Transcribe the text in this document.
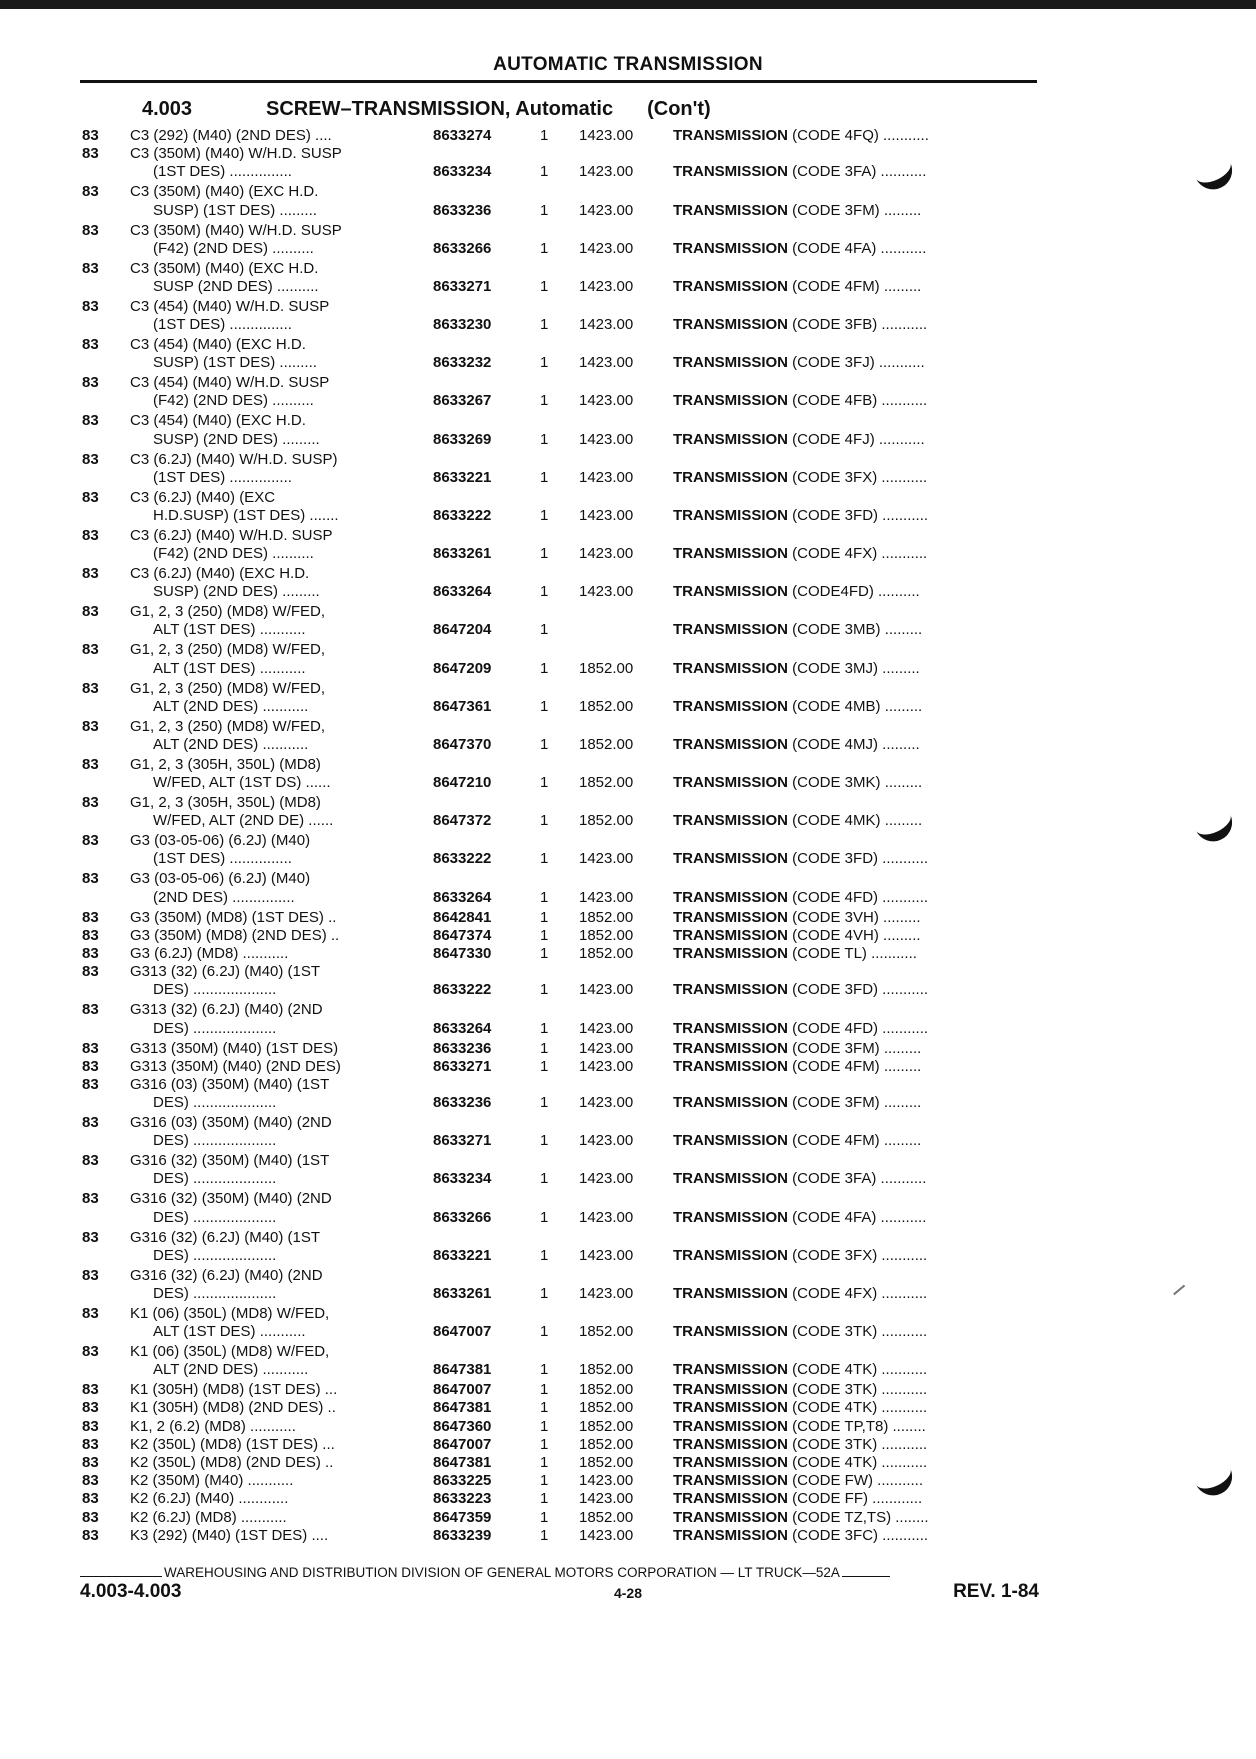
AUTOMATIC TRANSMISSION
4.003	SCREW–TRANSMISSION, Automatic (Con't)
83 C3 (292) (M40) (2ND DES) ....	8633274	1 1423.00	TRANSMISSION (CODE 4FQ) ...........
83 C3 (350M) (M40) W/H.D. SUSP
(1ST DES) ...............	8633234	1 1423.00	TRANSMISSION (CODE 3FA) ...........
83 C3 (350M) (M40) (EXC H.D.
SUSP) (1ST DES) .........	8633236	1 1423.00	TRANSMISSION (CODE 3FM) .........
83 C3 (350M) (M40) W/H.D. SUSP
(F42) (2ND DES) ..........	8633266	1 1423.00	TRANSMISSION (CODE 4FA) ...........
83 C3 (350M) (M40) (EXC H.D.
SUSP (2ND DES) ..........	8633271	1 1423.00	TRANSMISSION (CODE 4FM) .........
83 C3 (454) (M40) W/H.D. SUSP
(1ST DES) ...............	8633230	1 1423.00	TRANSMISSION (CODE 3FB) ...........
83 C3 (454) (M40) (EXC H.D.
SUSP) (1ST DES) .........	8633232	1 1423.00	TRANSMISSION (CODE 3FJ) ...........
83 C3 (454) (M40) W/H.D. SUSP
(F42) (2ND DES) ..........	8633267	1 1423.00	TRANSMISSION (CODE 4FB) ...........
83 C3 (454) (M40) (EXC H.D.
SUSP) (2ND DES) .........	8633269	1 1423.00	TRANSMISSION (CODE 4FJ) ...........
83 C3 (6.2J) (M40) W/H.D. SUSP)
(1ST DES) ...............	8633221	1 1423.00	TRANSMISSION (CODE 3FX) ...........
83 C3 (6.2J) (M40) (EXC
H.D.SUSP) (1ST DES) .......	8633222	1 1423.00	TRANSMISSION (CODE 3FD) ...........
83 C3 (6.2J) (M40) W/H.D. SUSP
(F42) (2ND DES) ..........	8633261	1 1423.00	TRANSMISSION (CODE 4FX) ...........
83 C3 (6.2J) (M40) (EXC H.D.
SUSP) (2ND DES) .........	8633264	1 1423.00	TRANSMISSION (CODE4FD) ..........
83 G1, 2, 3 (250) (MD8) W/FED,
ALT (1ST DES) ...........	8647204	1	TRANSMISSION (CODE 3MB) .........
83 G1, 2, 3 (250) (MD8) W/FED,
ALT (1ST DES) ...........	8647209	1 1852.00	TRANSMISSION (CODE 3MJ) .........
83 G1, 2, 3 (250) (MD8) W/FED,
ALT (2ND DES) ...........	8647361	1 1852.00	TRANSMISSION (CODE 4MB) .........
83 G1, 2, 3 (250) (MD8) W/FED,
ALT (2ND DES) ...........	8647370	1 1852.00	TRANSMISSION (CODE 4MJ) .........
83 G1, 2, 3 (305H, 350L) (MD8)
W/FED, ALT (1ST DS) ......	8647210	1 1852.00	TRANSMISSION (CODE 3MK) .........
83 G1, 2, 3 (305H, 350L) (MD8)
W/FED, ALT (2ND DE) ......	8647372	1 1852.00	TRANSMISSION (CODE 4MK) .........
83 G3 (03-05-06) (6.2J) (M40)
(1ST DES) ...............	8633222	1 1423.00	TRANSMISSION (CODE 3FD) ...........
83 G3 (03-05-06) (6.2J) (M40)
(2ND DES) ...............	8633264	1 1423.00	TRANSMISSION (CODE 4FD) ...........
83 G3 (350M) (MD8) (1ST DES) ..	8642841	1 1852.00	TRANSMISSION (CODE 3VH) .........
83 G3 (350M) (MD8) (2ND DES) ..	8647374	1 1852.00	TRANSMISSION (CODE 4VH) .........
83 G3 (6.2J) (MD8) ...........	8647330	1 1852.00	TRANSMISSION (CODE TL) ...........
83 G313 (32) (6.2J) (M40) (1ST
DES) ....................	8633222	1 1423.00	TRANSMISSION (CODE 3FD) ...........
83 G313 (32) (6.2J) (M40) (2ND
DES) ....................	8633264	1 1423.00	TRANSMISSION (CODE 4FD) ...........
83 G313 (350M) (M40) (1ST DES)	8633236	1 1423.00	TRANSMISSION (CODE 3FM) .........
83 G313 (350M) (M40) (2ND DES)	8633271	1 1423.00	TRANSMISSION (CODE 4FM) .........
83 G316 (03) (350M) (M40) (1ST
DES) ....................	8633236	1 1423.00	TRANSMISSION (CODE 3FM) .........
83 G316 (03) (350M) (M40) (2ND
DES) ....................	8633271	1 1423.00	TRANSMISSION (CODE 4FM) .........
83 G316 (32) (350M) (M40) (1ST
DES) ....................	8633234	1 1423.00	TRANSMISSION (CODE 3FA) ...........
83 G316 (32) (350M) (M40) (2ND
DES) ....................	8633266	1 1423.00	TRANSMISSION (CODE 4FA) ...........
83 G316 (32) (6.2J) (M40) (1ST
DES) ....................	8633221	1 1423.00	TRANSMISSION (CODE 3FX) ...........
83 G316 (32) (6.2J) (M40) (2ND
DES) ....................	8633261	1 1423.00	TRANSMISSION (CODE 4FX) ...........
83 K1 (06) (350L) (MD8) W/FED,
ALT (1ST DES) ...........	8647007	1 1852.00	TRANSMISSION (CODE 3TK) ...........
83 K1 (06) (350L) (MD8) W/FED,
ALT (2ND DES) ...........	8647381	1 1852.00	TRANSMISSION (CODE 4TK) ...........
83 K1 (305H) (MD8) (1ST DES) ...	8647007	1 1852.00	TRANSMISSION (CODE 3TK) ...........
83 K1 (305H) (MD8) (2ND DES) ..	8647381	1 1852.00	TRANSMISSION (CODE 4TK) ...........
83 K1, 2 (6.2) (MD8) ...........	8647360	1 1852.00	TRANSMISSION (CODE TP,T8) ........
83 K2 (350L) (MD8) (1ST DES) ...	8647007	1 1852.00	TRANSMISSION (CODE 3TK) ...........
83 K2 (350L) (MD8) (2ND DES) ..	8647381	1 1852.00	TRANSMISSION (CODE 4TK) ...........
83 K2 (350M) (M40) ...........	8633225	1 1423.00	TRANSMISSION (CODE FW) ...........
83 K2 (6.2J) (M40) ............	8633223	1 1423.00	TRANSMISSION (CODE FF) ............
83 K2 (6.2J) (MD8) ...........	8647359	1 1852.00	TRANSMISSION (CODE TZ,TS) ........
83 K3 (292) (M40) (1ST DES) ....	8633239	1 1423.00	TRANSMISSION (CODE 3FC) ...........
WAREHOUSING AND DISTRIBUTION DIVISION OF GENERAL MOTORS CORPORATION — LT TRUCK—52A
4.003-4.003	4-28	REV. 1-84
